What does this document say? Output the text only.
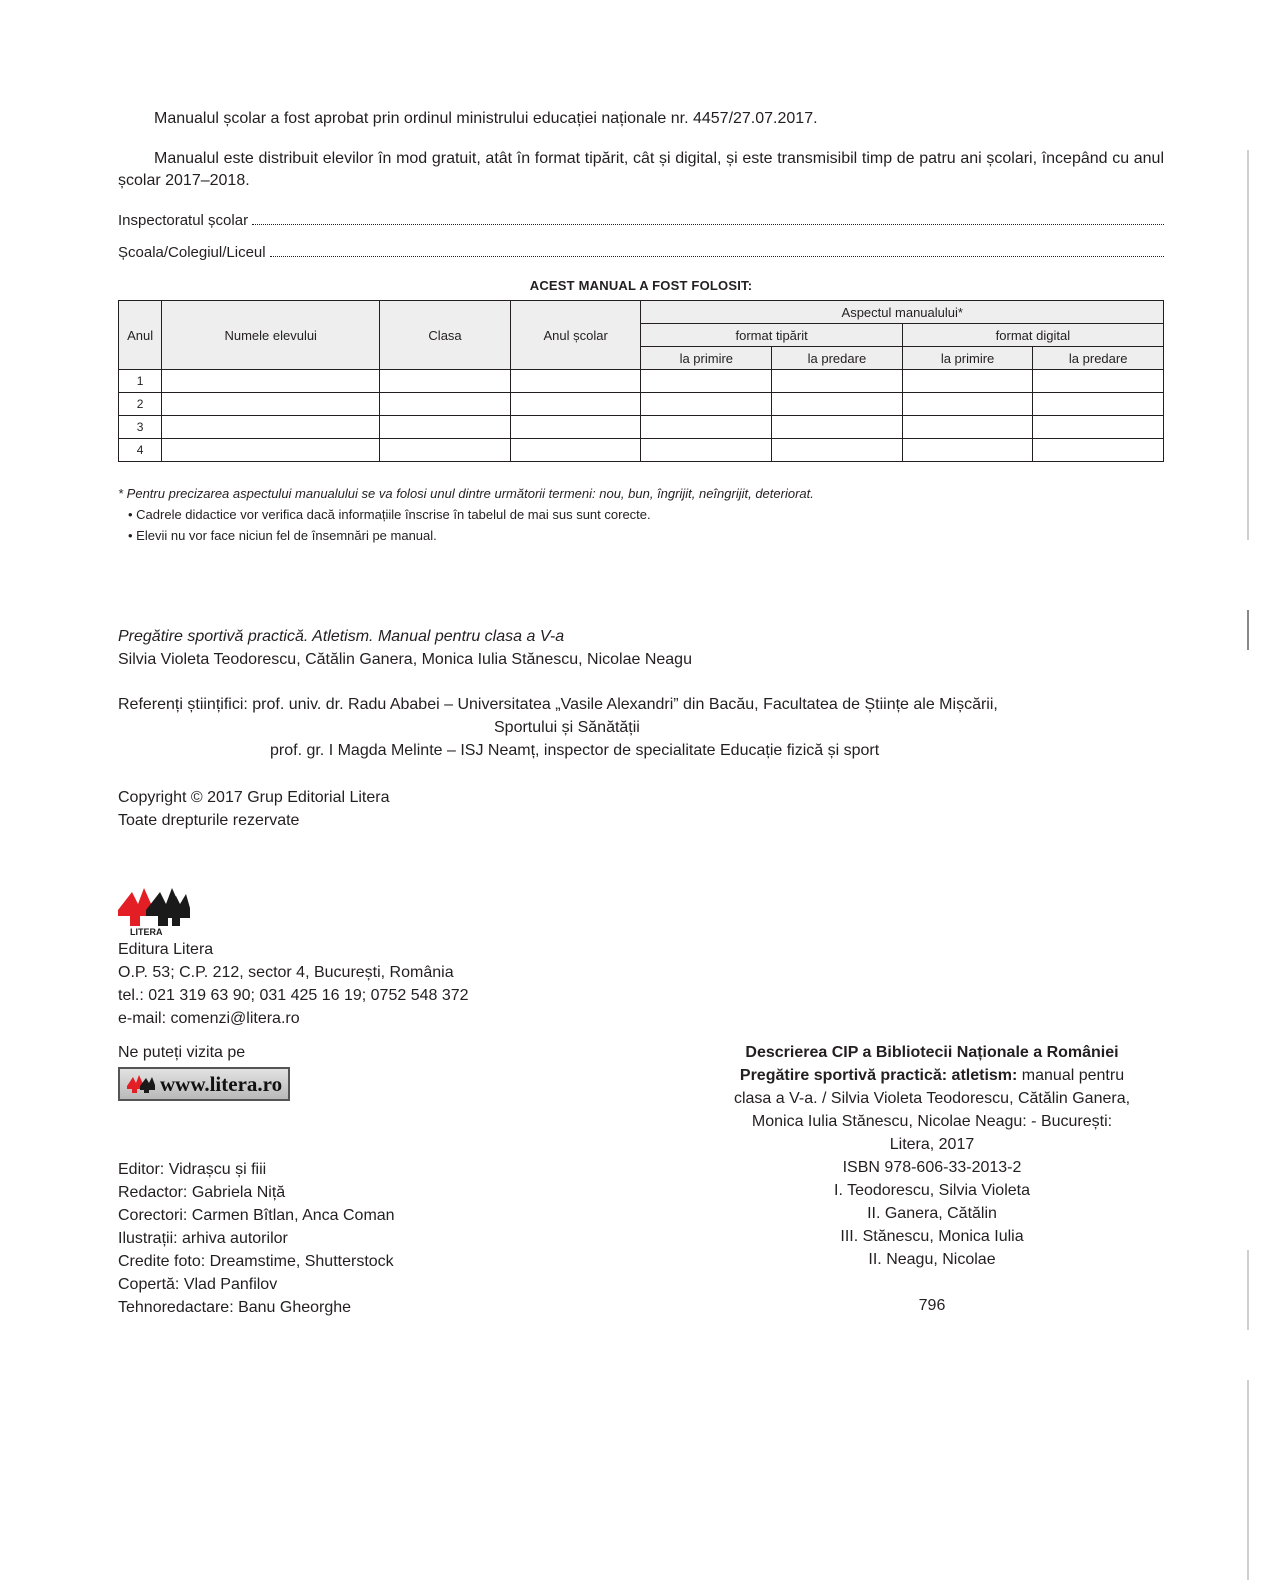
Manualul școlar a fost aprobat prin ordinul ministrului educației naționale nr. 4457/27.07.2017.
Manualul este distribuit elevilor în mod gratuit, atât în format tipărit, cât și digital, și este transmisibil timp de patru ani școlari, începând cu anul școlar 2017–2018.
Inspectoratul școlar
Școala/Colegiul/Liceul
ACEST MANUAL A FOST FOLOSIT:
Anul	Numele elevului	Clasa	Anul școlar	Aspectul manualului*			
				format tipărit		format digital	
				la primire	la predare	la primire	la predare
1							
2							
3							
4							
* Pentru precizarea aspectului manualului se va folosi unul dintre următorii termeni: nou, bun, îngrijit, neîngrijit, deteriorat.
• Cadrele didactice vor verifica dacă informațiile înscrise în tabelul de mai sus sunt corecte.
• Elevii nu vor face niciun fel de însemnări pe manual.
Pregătire sportivă practică. Atletism. Manual pentru clasa a V-a
Silvia Violeta Teodorescu, Cătălin Ganera, Monica Iulia Stănescu, Nicolae Neagu
Referenți științifici: prof. univ. dr. Radu Ababei – Universitatea „Vasile Alexandri” din Bacău, Facultatea de Științe ale Mișcării,
Sportului și Sănătății
prof. gr. I Magda Melinte – ISJ Neamț, inspector de specialitate Educație fizică și sport
Copyright © 2017 Grup Editorial Litera
Toate drepturile rezervate
LITERA
Editura Litera
O.P. 53; C.P. 212, sector 4, București, România
tel.: 021 319 63 90; 031 425 16 19; 0752 548 372
e-mail: comenzi@litera.ro
Ne puteți vizita pe
www.litera.ro
Editor: Vidrașcu și fiii
Redactor: Gabriela Niță
Corectori: Carmen Bîtlan, Anca Coman
Ilustrații: arhiva autorilor
Credite foto: Dreamstime, Shutterstock
Copertă: Vlad Panfilov
Tehnoredactare: Banu Gheorghe
Descrierea CIP a Bibliotecii Naționale a României
Pregătire sportivă practică: atletism: manual pentru
clasa a V-a. / Silvia Violeta Teodorescu, Cătălin Ganera,
Monica Iulia Stănescu, Nicolae Neagu: - București:
Litera, 2017
ISBN 978-606-33-2013-2
I. Teodorescu, Silvia Violeta
II. Ganera, Cătălin
III. Stănescu, Monica Iulia
II. Neagu, Nicolae
796
